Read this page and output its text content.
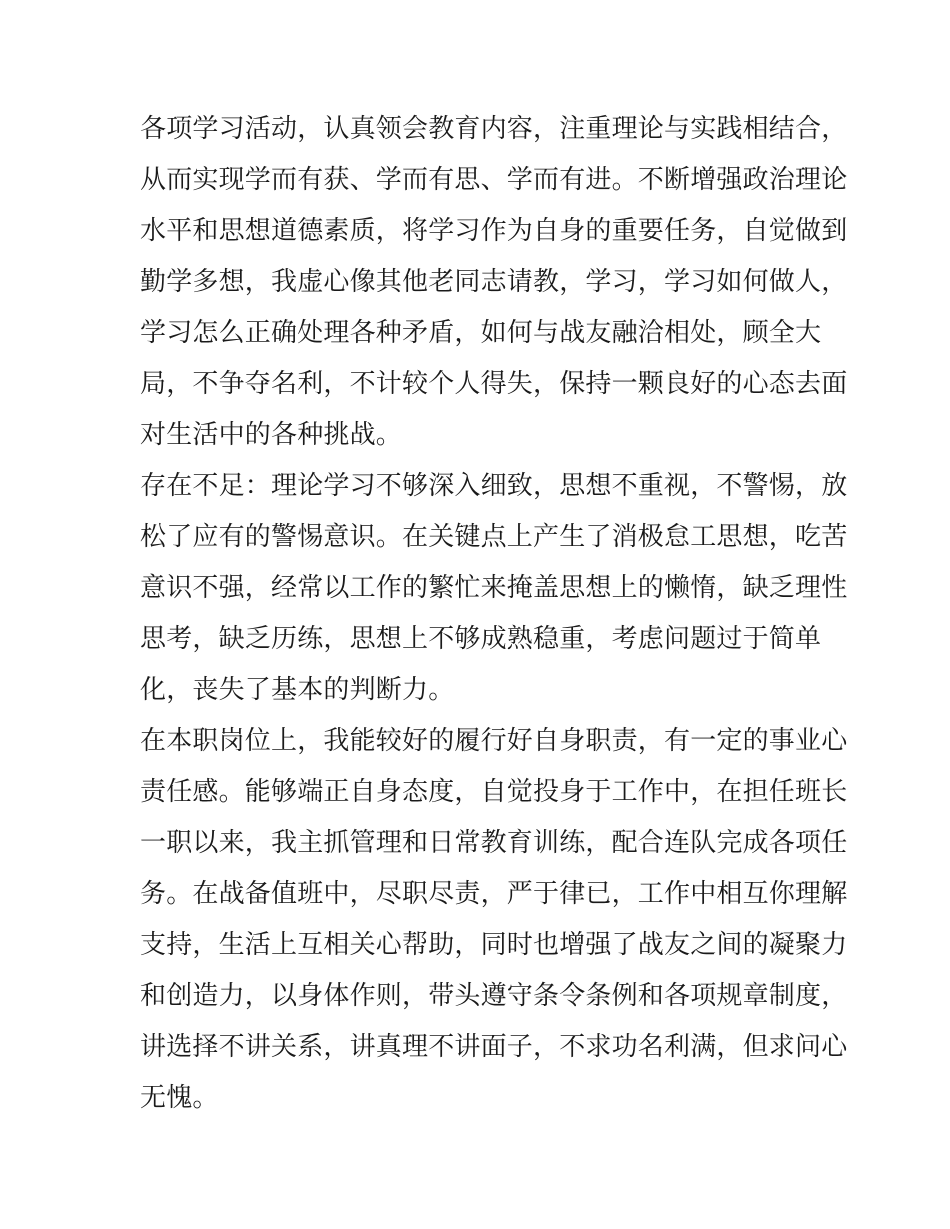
各项学习活动，认真领会教育内容，注重理论与实践相结合，
从而实现学而有获、学而有思、学而有进。不断增强政治理论
水平和思想道德素质，将学习作为自身的重要任务，自觉做到
勤学多想，我虚心像其他老同志请教，学习，学习如何做人，
学习怎么正确处理各种矛盾，如何与战友融洽相处，顾全大
局，不争夺名利，不计较个人得失，保持一颗良好的心态去面
对生活中的各种挑战。
存在不足：理论学习不够深入细致，思想不重视，不警惕，放
松了应有的警惕意识。在关键点上产生了消极怠工思想，吃苦
意识不强，经常以工作的繁忙来掩盖思想上的懒惰，缺乏理性
思考，缺乏历练，思想上不够成熟稳重，考虑问题过于简单
化，丧失了基本的判断力。
在本职岗位上，我能较好的履行好自身职责，有一定的事业心
责任感。能够端正自身态度，自觉投身于工作中，在担任班长
一职以来，我主抓管理和日常教育训练，配合连队完成各项任
务。在战备值班中，尽职尽责，严于律已，工作中相互你理解
支持，生活上互相关心帮助，同时也增强了战友之间的凝聚力
和创造力，以身体作则，带头遵守条令条例和各项规章制度，
讲选择不讲关系，讲真理不讲面子，不求功名利满，但求问心
无愧。
